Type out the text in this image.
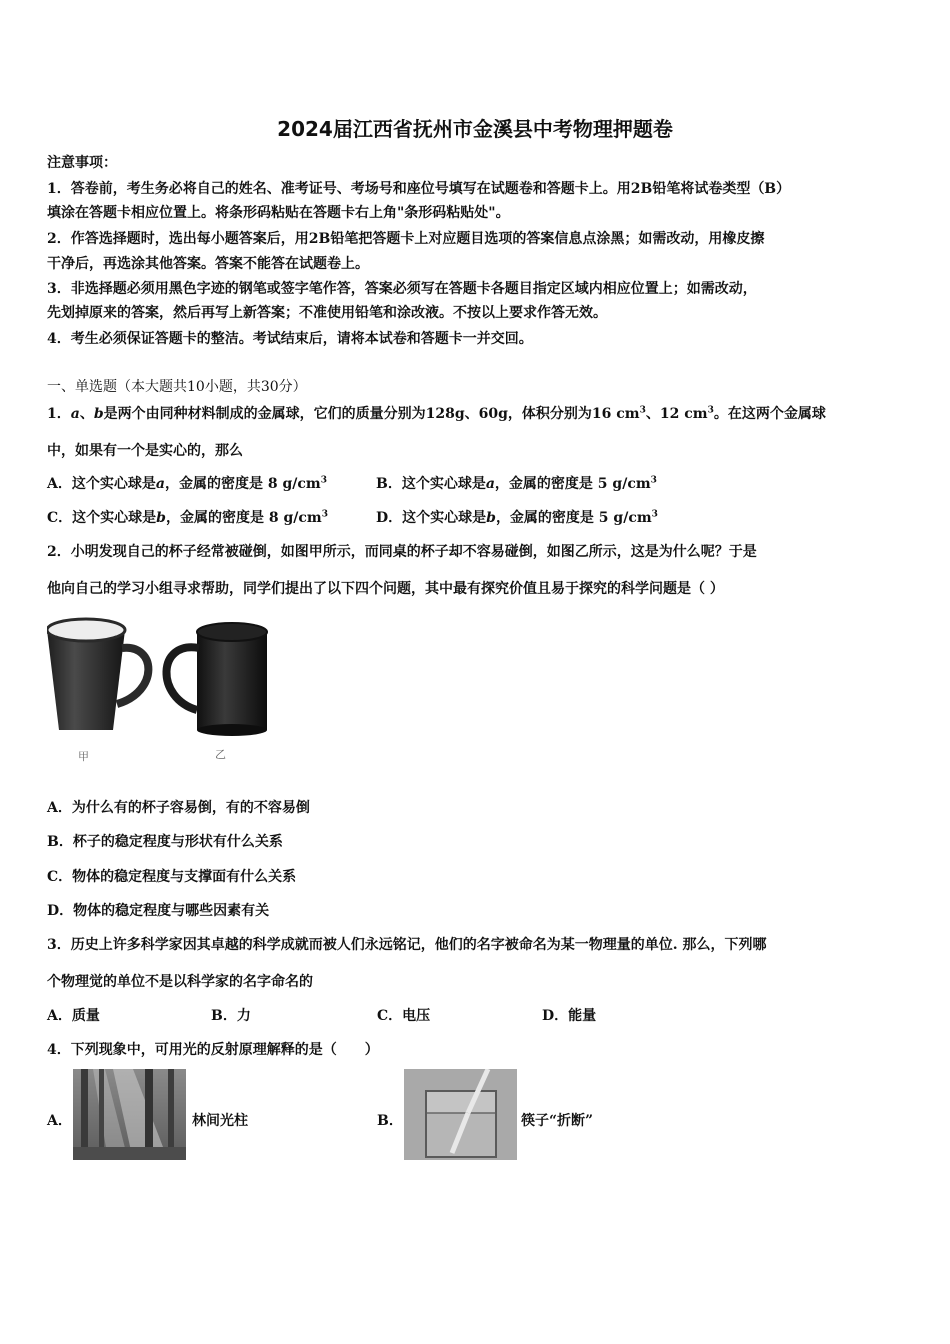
2024届江西省抚州市金溪县中考物理押题卷
注意事项：
1．答卷前，考生务必将自己的姓名、准考证号、考场号和座位号填写在试题卷和答题卡上。用2B铅笔将试卷类型（B）
填涂在答题卡相应位置上。将条形码粘贴在答题卡右上角"条形码粘贴处"。
2．作答选择题时，选出每小题答案后，用2B铅笔把答题卡上对应题目选项的答案信息点涂黑；如需改动，用橡皮擦
干净后，再选涂其他答案。答案不能答在试题卷上。
3．非选择题必须用黑色字迹的钢笔或签字笔作答，答案必须写在答题卡各题目指定区域内相应位置上；如需改动，
先划掉原来的答案，然后再写上新答案；不准使用铅笔和涂改液。不按以上要求作答无效。
4．考生必须保证答题卡的整洁。考试结束后，请将本试卷和答题卡一并交回。
一、单选题（本大题共10小题，共30分）
1．a、b是两个由同种材料制成的金属球，它们的质量分别为128g、60g，体积分别为16 $cm^3$、12 $cm^3$。在这两个金属球
中，如果有一个是实心的，那么
A．这个实心球是a，金属的密度是 8 $g/cm^3$	B．这个实心球是a，金属的密度是 5 $g/cm^3$
C．这个实心球是b，金属的密度是 8 $g/cm^3$	D．这个实心球是b，金属的密度是 5 $g/cm^3$
2．小明发现自己的杯子经常被碰倒，如图甲所示，而同桌的杯子却不容易碰倒，如图乙所示，这是为什么呢？于是
他向自己的学习小组寻求帮助，同学们提出了以下四个问题，其中最有探究价值且易于探究的科学问题是（ ）
甲	乙
A．为什么有的杯子容易倒，有的不容易倒
B．杯子的稳定程度与形状有什么关系
C．物体的稳定程度与支撑面有什么关系
D．物体的稳定程度与哪些因素有关
3．历史上许多科学家因其卓越的科学成就而被人们永远铭记，他们的名字被命名为某一物理量的单位. 那么，下列哪
个物理觉的单位不是以科学家的名字命名的
A．质量	B．力	C．电压	D．能量
4．下列现象中，可用光的反射原理解释的是（　　）
A．	林间光柱	B．	筷子“折断”
